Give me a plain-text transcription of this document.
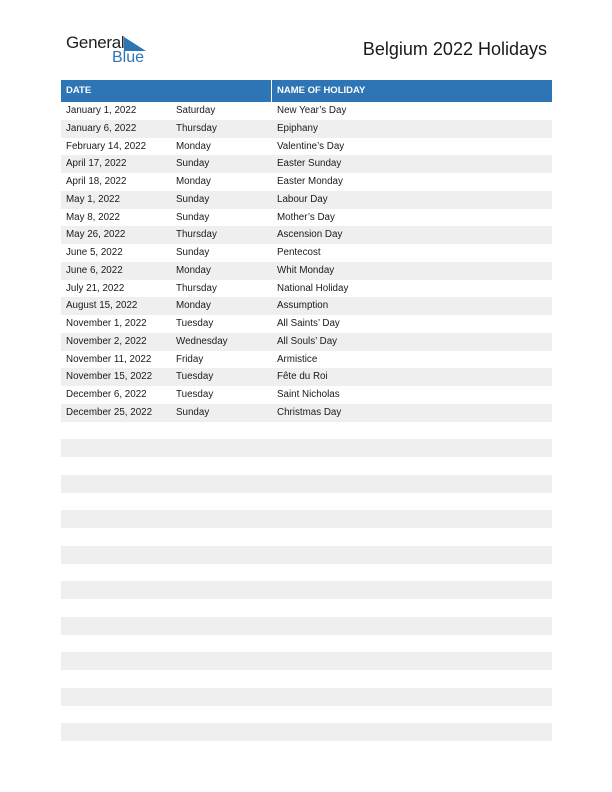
General
Blue	Belgium 2022 Holidays
DATE	NAME OF HOLIDAY
January 1, 2022	Saturday	New Year’s Day
January 6, 2022	Thursday	Epiphany
February 14, 2022	Monday	Valentine’s Day
April 17, 2022	Sunday	Easter Sunday
April 18, 2022	Monday	Easter Monday
May 1, 2022	Sunday	Labour Day
May 8, 2022	Sunday	Mother’s Day
May 26, 2022	Thursday	Ascension Day
June 5, 2022	Sunday	Pentecost
June 6, 2022	Monday	Whit Monday
July 21, 2022	Thursday	National Holiday
August 15, 2022	Monday	Assumption
November 1, 2022	Tuesday	All Saints’ Day
November 2, 2022	Wednesday	All Souls’ Day
November 11, 2022	Friday	Armistice
November 15, 2022 Tuesday	Fête du Roi
December 6, 2022	Tuesday	Saint Nicholas
December 25, 2022 Sunday	Christmas Day
